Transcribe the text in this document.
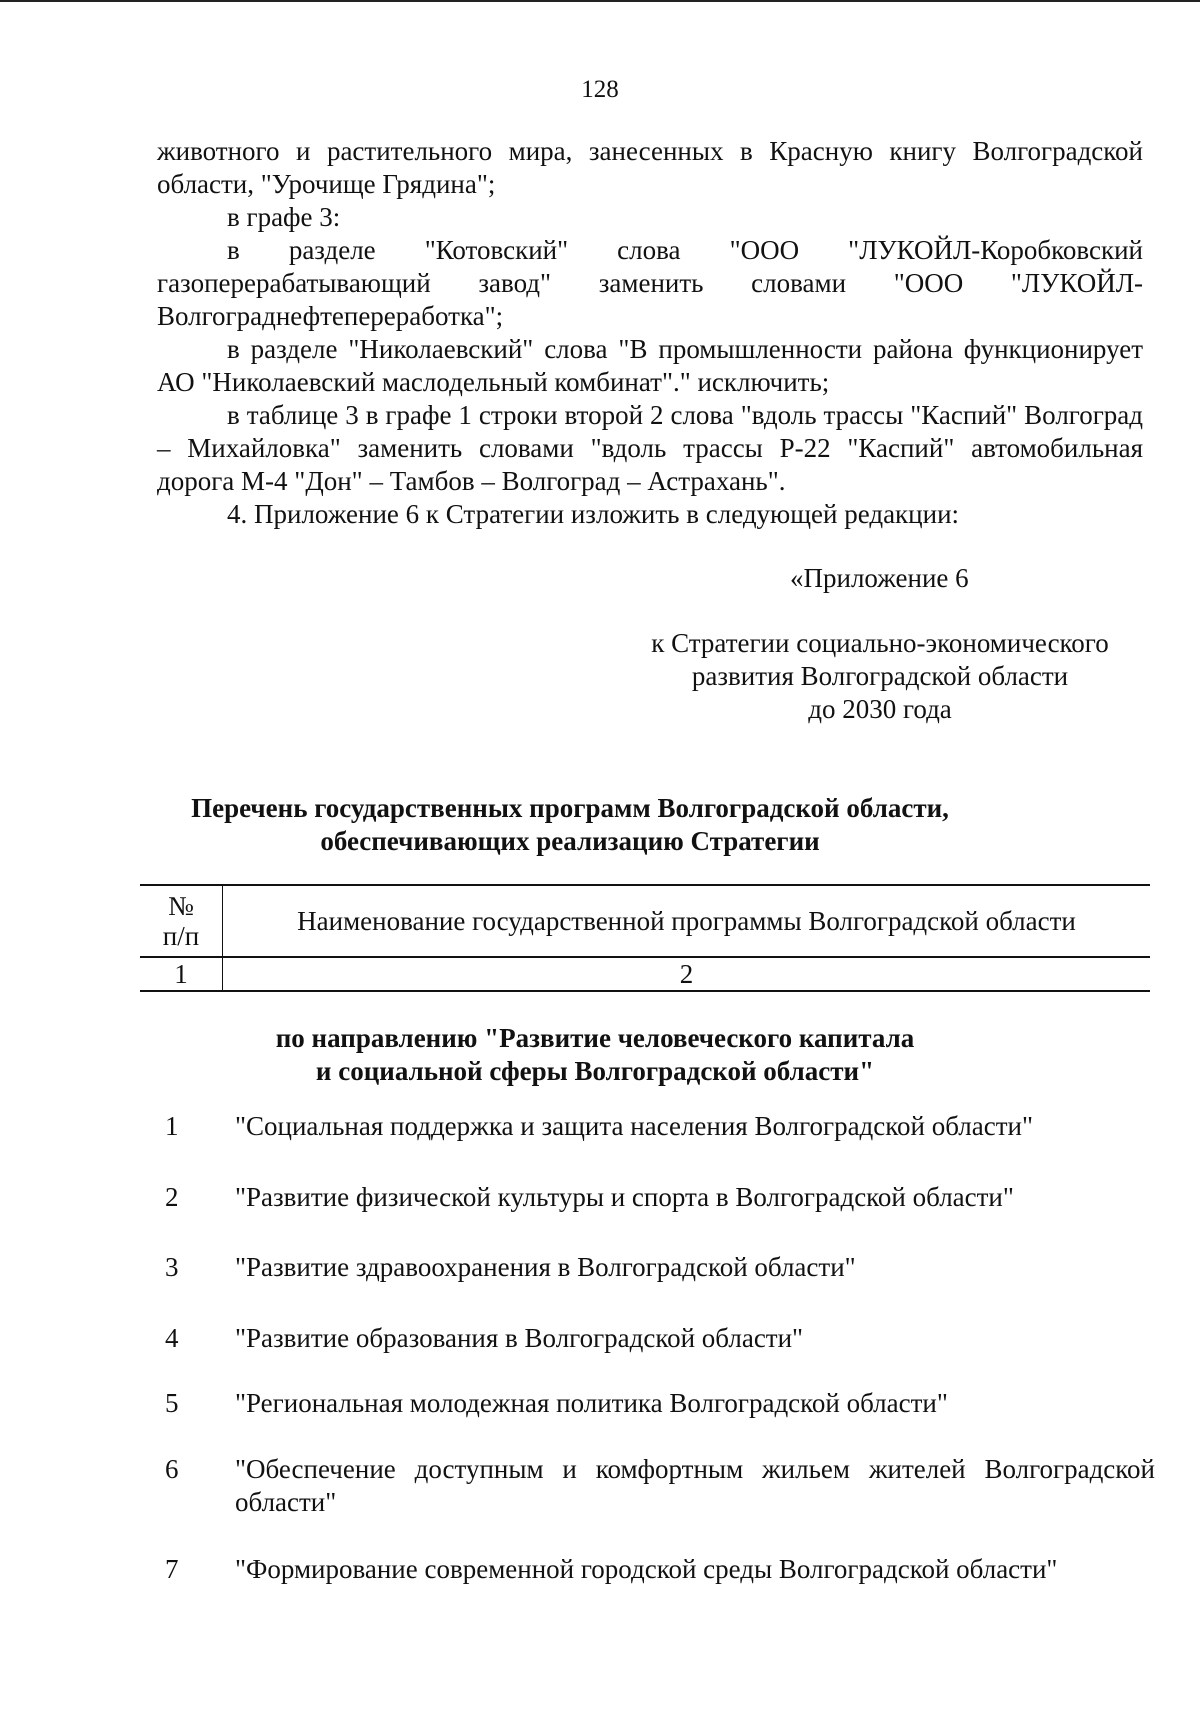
128

животного и растительного мира, занесенных в Красную книгу Волгоградской области, "Урочище Грядина";

в графе 3:

в разделе "Котовский" слова "ООО "ЛУКОЙЛ-Коробковский газоперерабатывающий завод" заменить словами "ООО "ЛУКОЙЛ-Волгограднефтепереработка";

в разделе "Николаевский" слова "В промышленности района функционирует АО "Николаевский маслодельный комбинат"." исключить;

в таблице 3 в графе 1 строки второй 2 слова "вдоль трассы "Каспий" Волгоград – Михайловка" заменить словами "вдоль трассы Р-22 "Каспий" автомобильная дорога М-4 "Дон" – Тамбов – Волгоград – Астрахань".

4. Приложение 6 к Стратегии изложить в следующей редакции:

«Приложение 6
к Стратегии социально-экономического
развития Волгоградской области
до 2030 года
Перечень государственных программ Волгоградской области,
обеспечивающих реализацию Стратегии
№
п/п	Наименование государственной программы Волгоградской области
1	2
по направлению "Развитие человеческого капитала
и социальной сферы Волгоградской области"
1	"Социальная поддержка и защита населения Волгоградской области"
2	"Развитие физической культуры и спорта в Волгоградской области"
3	"Развитие здравоохранения в Волгоградской области"
4	"Развитие образования в Волгоградской области"
5	"Региональная молодежная политика Волгоградской области"
6	"Обеспечение доступным и комфортным жильем жителей Волгоградской области"
7	"Формирование современной городской среды Волгоградской области"
